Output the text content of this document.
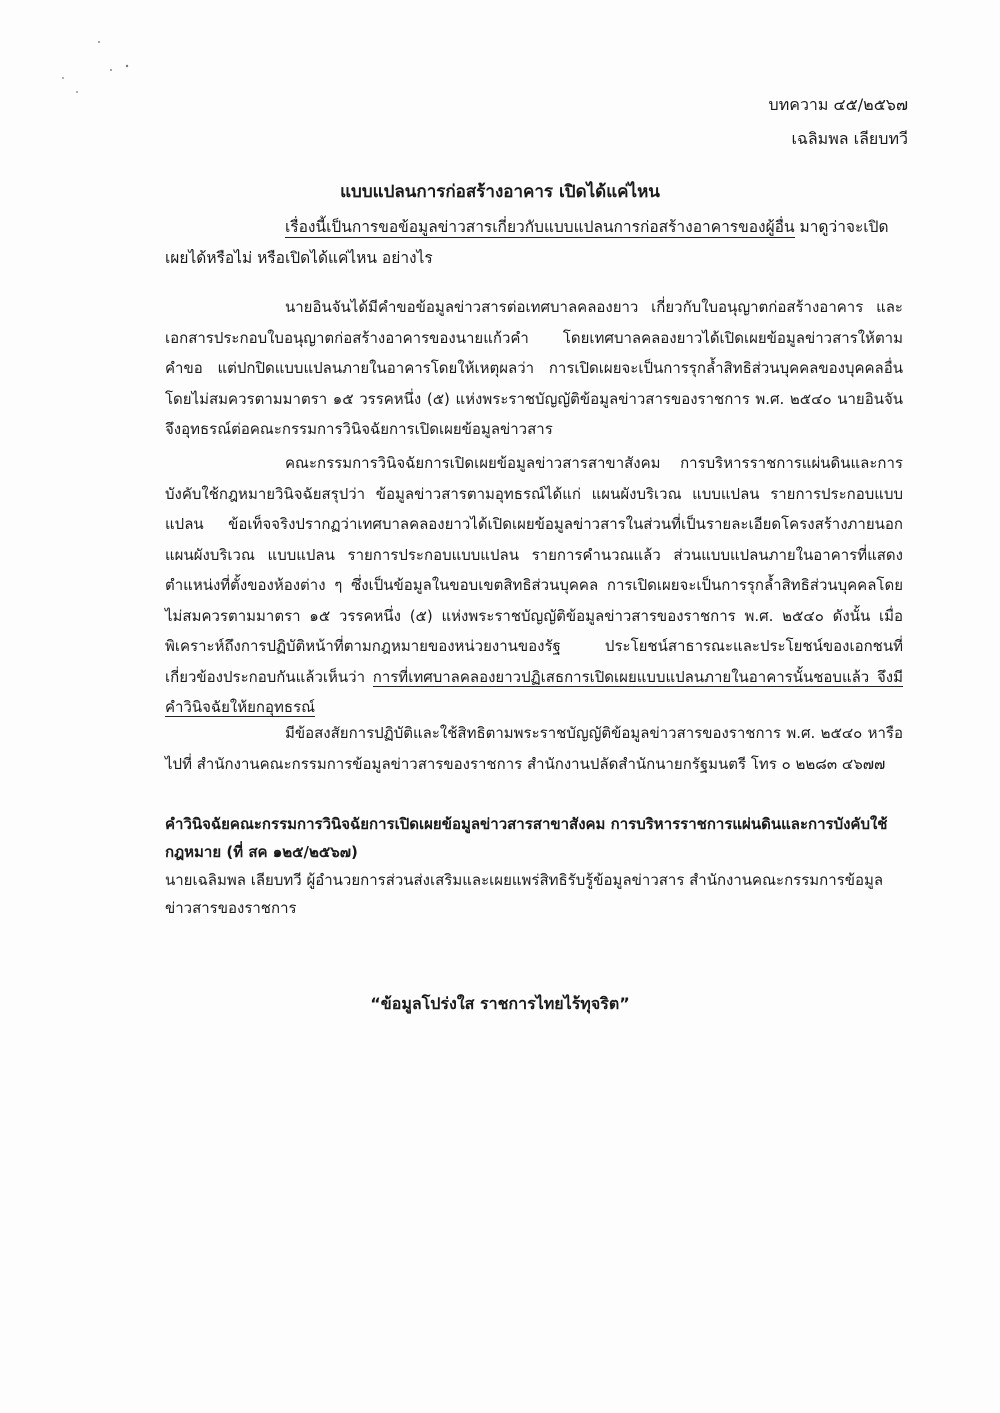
บทความ ๔๕/๒๕๖๗
เฉลิมพล เลียบทวี
แบบแปลนการก่อสร้างอาคาร เปิดได้แค่ไหน
เรื่องนี้เป็นการขอข้อมูลข่าวสารเกี่ยวกับแบบแปลนการก่อสร้างอาคารของผู้อื่น มาดูว่าจะเปิดเผยได้หรือไม่ หรือเปิดได้แค่ไหน อย่างไร
นายอินจันได้มีคำขอข้อมูลข่าวสารต่อเทศบาลคลองยาว เกี่ยวกับใบอนุญาตก่อสร้างอาคาร และเอกสารประกอบใบอนุญาตก่อสร้างอาคารของนายแก้วคำ โดยเทศบาลคลองยาวได้เปิดเผยข้อมูลข่าวสารให้ตามคำขอ แต่ปกปิดแบบแปลนภายในอาคารโดยให้เหตุผลว่า การเปิดเผยจะเป็นการรุกล้ำสิทธิส่วนบุคคลของบุคคลอื่นโดยไม่สมควรตามมาตรา ๑๕ วรรคหนึ่ง (๕) แห่งพระราชบัญญัติข้อมูลข่าวสารของราชการ พ.ศ. ๒๕๔๐ นายอินจันจึงอุทธรณ์ต่อคณะกรรมการวินิจฉัยการเปิดเผยข้อมูลข่าวสาร
คณะกรรมการวินิจฉัยการเปิดเผยข้อมูลข่าวสารสาขาสังคม การบริหารราชการแผ่นดินและการบังคับใช้กฎหมายวินิจฉัยสรุปว่า ข้อมูลข่าวสารตามอุทธรณ์ได้แก่ แผนผังบริเวณ แบบแปลน รายการประกอบแบบแปลน ข้อเท็จจริงปรากฏว่าเทศบาลคลองยาวได้เปิดเผยข้อมูลข่าวสารในส่วนที่เป็นรายละเอียดโครงสร้างภายนอก แผนผังบริเวณ แบบแปลน รายการประกอบแบบแปลน รายการคำนวณแล้ว ส่วนแบบแปลนภายในอาคารที่แสดงตำแหน่งที่ตั้งของห้องต่าง ๆ ซึ่งเป็นข้อมูลในขอบเขตสิทธิส่วนบุคคล การเปิดเผยจะเป็นการรุกล้ำสิทธิส่วนบุคคลโดยไม่สมควรตามมาตรา ๑๕ วรรคหนึ่ง (๕) แห่งพระราชบัญญัติข้อมูลข่าวสารของราชการ พ.ศ. ๒๕๔๐ ดังนั้น เมื่อพิเคราะห์ถึงการปฏิบัติหน้าที่ตามกฎหมายของหน่วยงานของรัฐ ประโยชน์สาธารณะและประโยชน์ของเอกชนที่เกี่ยวข้องประกอบกันแล้วเห็นว่า การที่เทศบาลคลองยาวปฏิเสธการเปิดเผยแบบแปลนภายในอาคารนั้นชอบแล้ว จึงมีคำวินิจฉัยให้ยกอุทธรณ์
มีข้อสงสัยการปฏิบัติและใช้สิทธิตามพระราชบัญญัติข้อมูลข่าวสารของราชการ พ.ศ. ๒๕๔๐ หารือไปที่ สำนักงานคณะกรรมการข้อมูลข่าวสารของราชการ สำนักงานปลัดสำนักนายกรัฐมนตรี โทร ๐ ๒๒๘๓ ๔๖๗๗
คำวินิจฉัยคณะกรรมการวินิจฉัยการเปิดเผยข้อมูลข่าวสารสาขาสังคม การบริหารราชการแผ่นดินและการบังคับใช้กฎหมาย (ที่ สค ๑๒๕/๒๕๖๗)
นายเฉลิมพล เลียบทวี ผู้อำนวยการส่วนส่งเสริมและเผยแพร่สิทธิรับรู้ข้อมูลข่าวสาร สำนักงานคณะกรรมการข้อมูลข่าวสารของราชการ
“ข้อมูลโปร่งใส ราชการไทยไร้ทุจริต”
